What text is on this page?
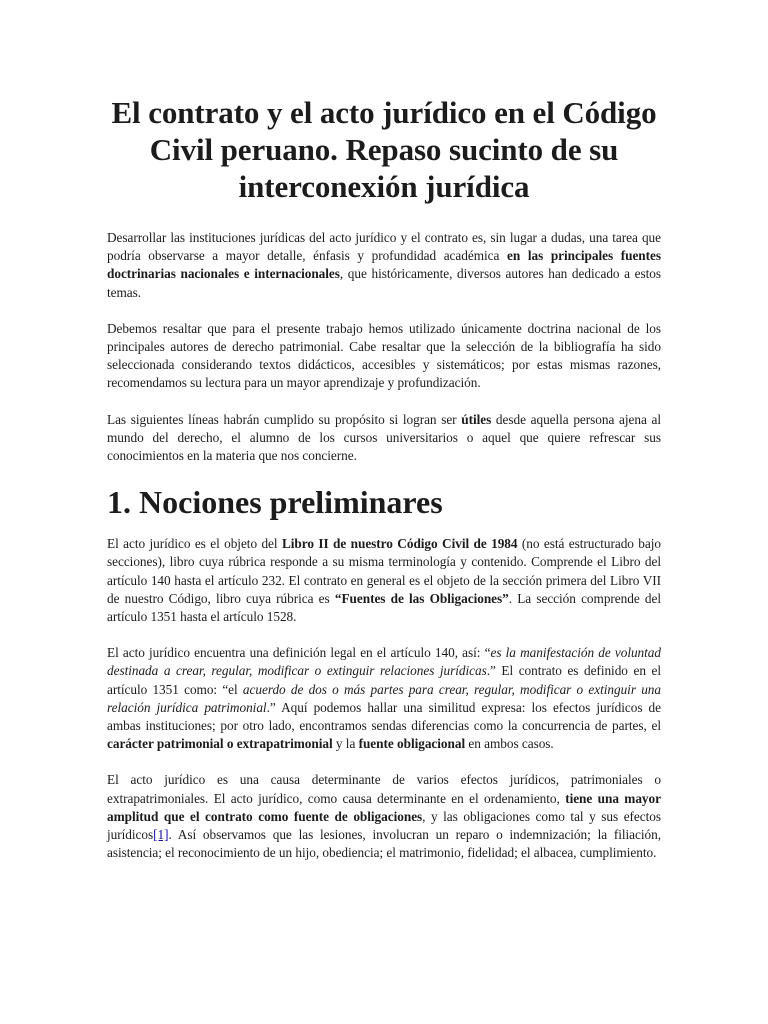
El contrato y el acto jurídico en el Código Civil peruano. Repaso sucinto de su interconexión jurídica

Desarrollar las instituciones jurídicas del acto jurídico y el contrato es, sin lugar a dudas, una tarea que podría observarse a mayor detalle, énfasis y profundidad académica en las principales fuentes doctrinarias nacionales e internacionales, que históricamente, diversos autores han dedicado a estos temas.

Debemos resaltar que para el presente trabajo hemos utilizado únicamente doctrina nacional de los principales autores de derecho patrimonial. Cabe resaltar que la selección de la bibliografía ha sido seleccionada considerando textos didácticos, accesibles y sistemáticos; por estas mismas razones, recomendamos su lectura para un mayor aprendizaje y profundización.

Las siguientes líneas habrán cumplido su propósito si logran ser útiles desde aquella persona ajena al mundo del derecho, el alumno de los cursos universitarios o aquel que quiere refrescar sus conocimientos en la materia que nos concierne.

1. Nociones preliminares

El acto jurídico es el objeto del Libro II de nuestro Código Civil de 1984 (no está estructurado bajo secciones), libro cuya rúbrica responde a su misma terminología y contenido. Comprende el Libro del artículo 140 hasta el artículo 232. El contrato en general es el objeto de la sección primera del Libro VII de nuestro Código, libro cuya rúbrica es “Fuentes de las Obligaciones”. La sección comprende del artículo 1351 hasta el artículo 1528.

El acto jurídico encuentra una definición legal en el artículo 140, así: “es la manifestación de voluntad destinada a crear, regular, modificar o extinguir relaciones jurídicas.” El contrato es definido en el artículo 1351 como: “el acuerdo de dos o más partes para crear, regular, modificar o extinguir una relación jurídica patrimonial.” Aquí podemos hallar una similitud expresa: los efectos jurídicos de ambas instituciones; por otro lado, encontramos sendas diferencias como la concurrencia de partes, el carácter patrimonial o extrapatrimonial y la fuente obligacional en ambos casos.

El acto jurídico es una causa determinante de varios efectos jurídicos, patrimoniales o extrapatrimoniales. El acto jurídico, como causa determinante en el ordenamiento, tiene una mayor amplitud que el contrato como fuente de obligaciones, y las obligaciones como tal y sus efectos jurídicos[1]. Así observamos que las lesiones, involucran un reparo o indemnización; la filiación, asistencia; el reconocimiento de un hijo, obediencia; el matrimonio, fidelidad; el albacea, cumplimiento.
